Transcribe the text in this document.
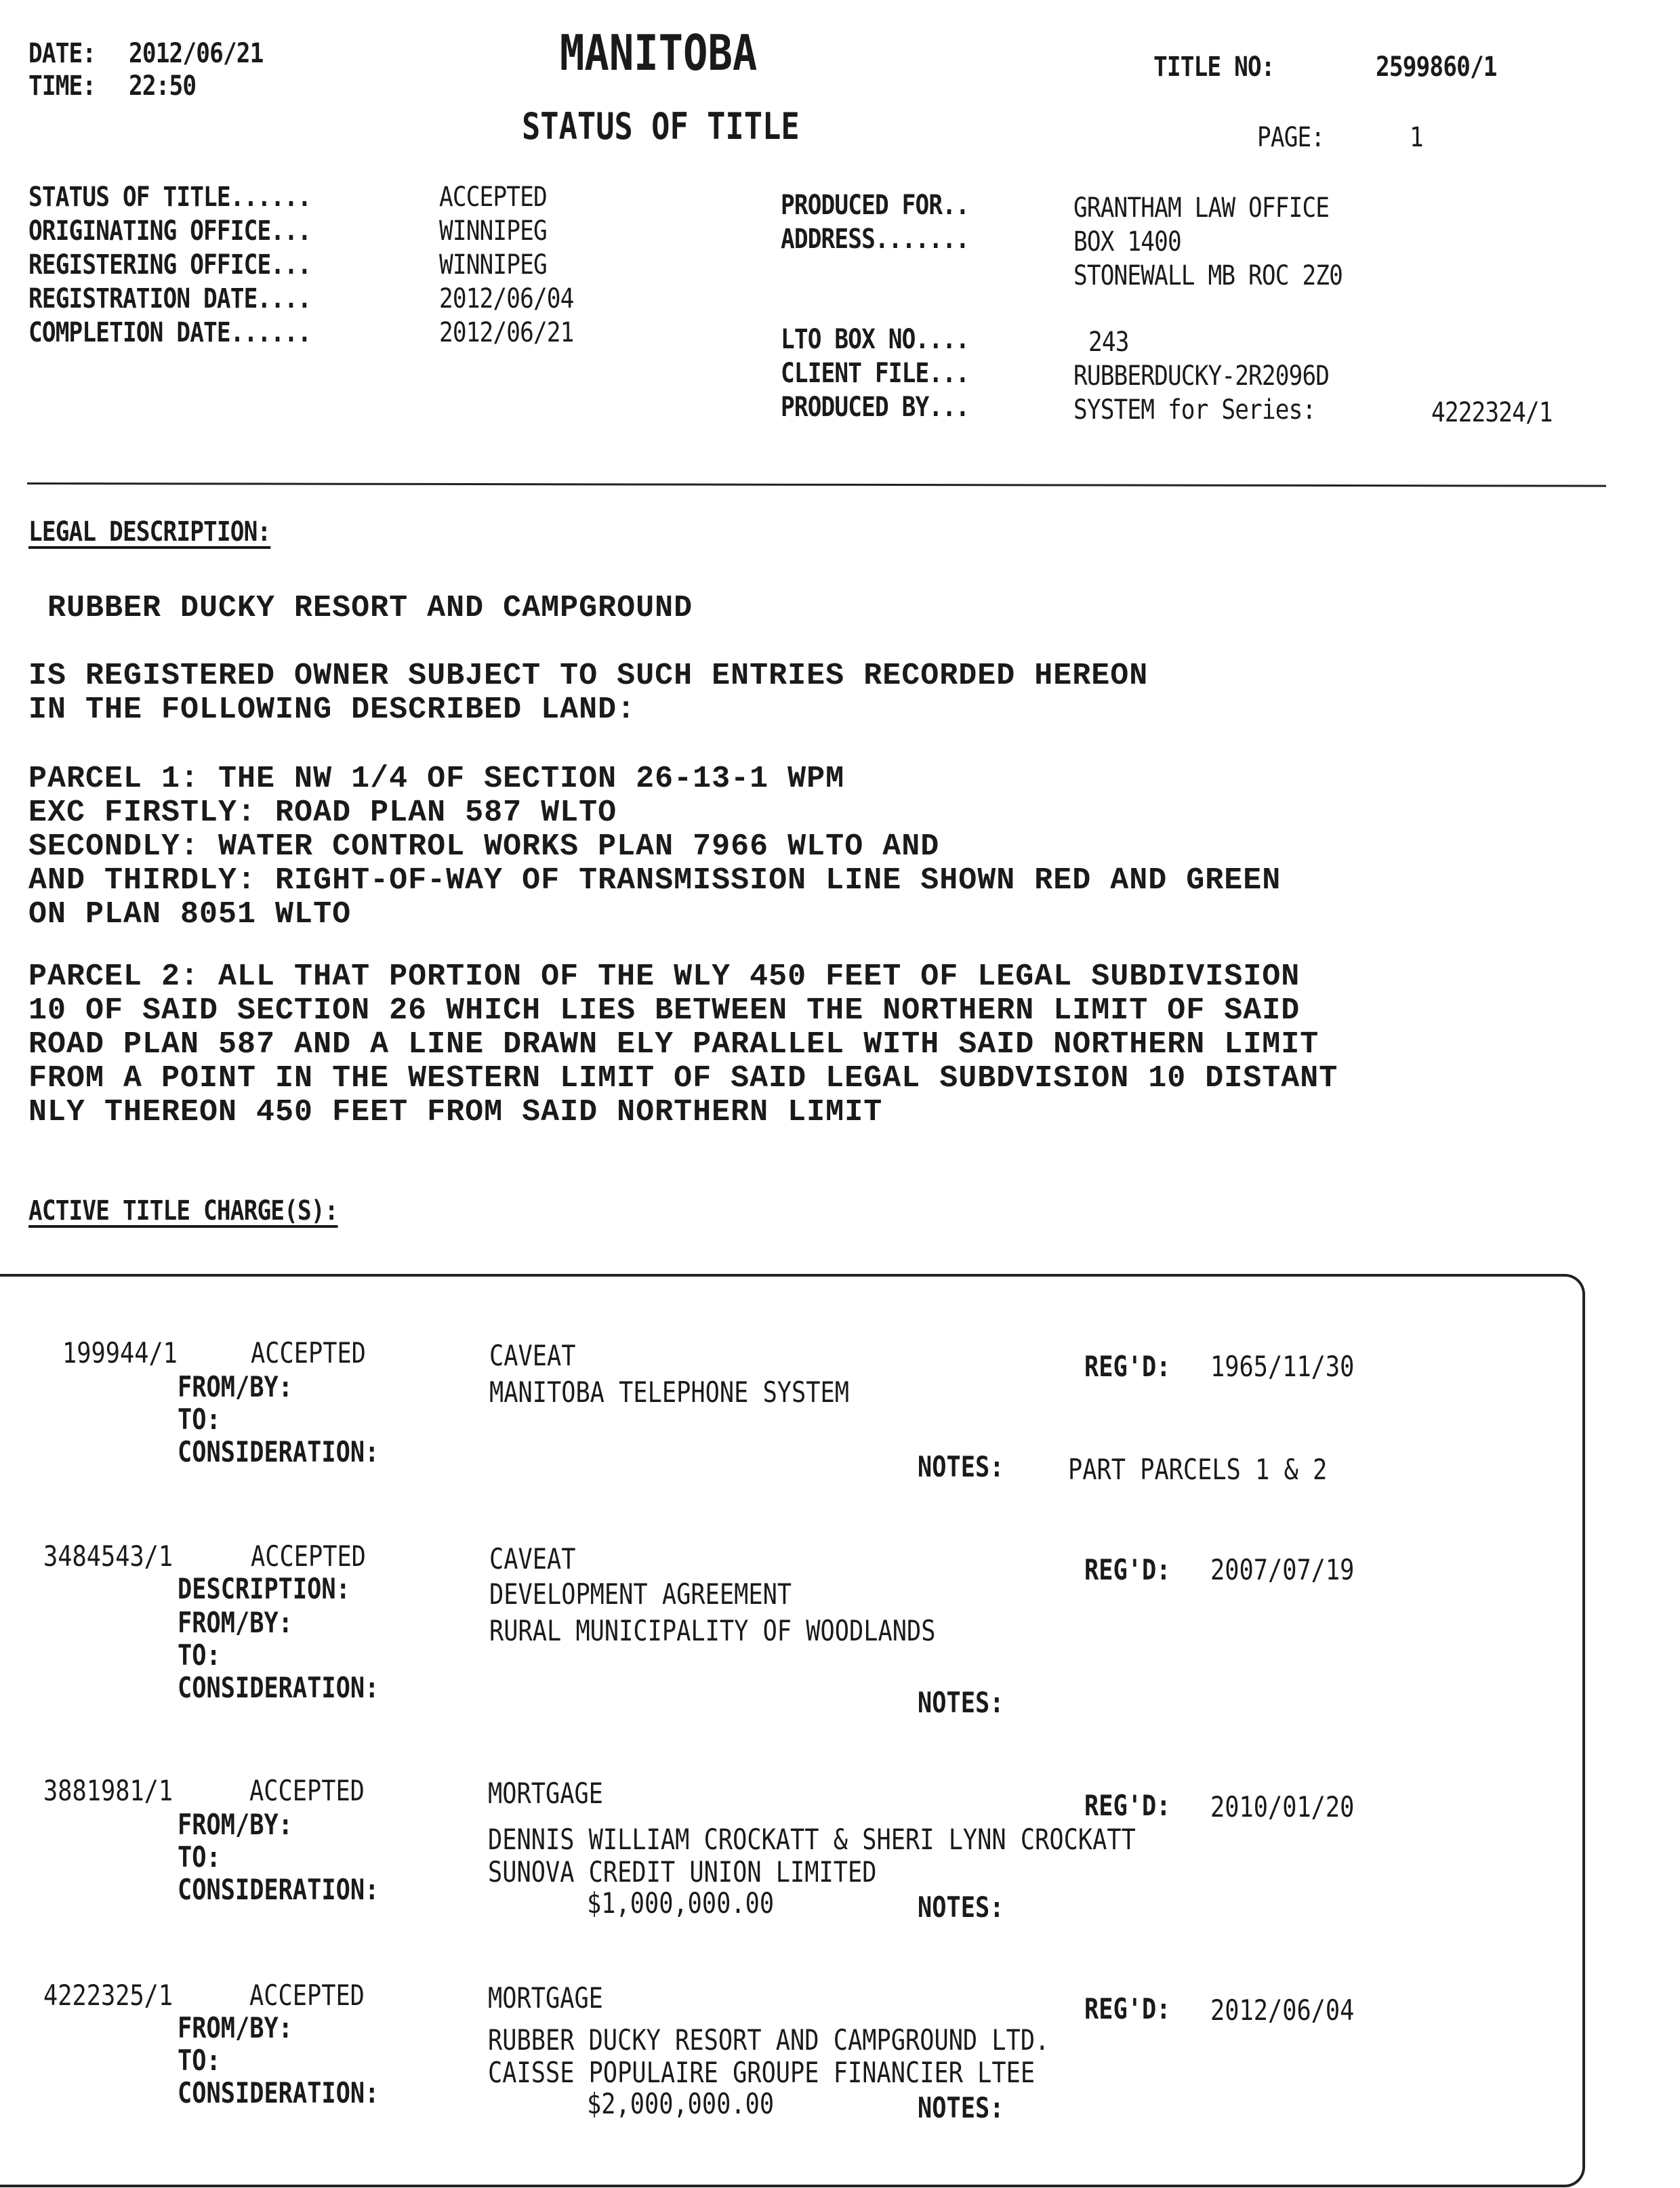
DATE: 2012/06/21
TIME: 22:50
MANITOBA
STATUS OF TITLE
TITLE NO:	2599860/1
PAGE:	1
STATUS OF TITLE......	ACCEPTED
ORIGINATING OFFICE...	WINNIPEG
REGISTERING OFFICE...	WINNIPEG
REGISTRATION DATE....	2012/06/04
COMPLETION DATE......	2012/06/21
PRODUCED FOR..	GRANTHAM LAW OFFICE
ADDRESS.......	BOX 1400
STONEWALL MB ROC 2Z0
LTO BOX NO....	243
CLIENT FILE...	RUBBERDUCKY-2R2096D
PRODUCED BY...	SYSTEM for Series:	4222324/1
LEGAL DESCRIPTION:
RUBBER DUCKY RESORT AND CAMPGROUND
IS REGISTERED OWNER SUBJECT TO SUCH ENTRIES RECORDED HEREON
IN THE FOLLOWING DESCRIBED LAND:
PARCEL 1: THE NW 1/4 OF SECTION 26-13-1 WPM
EXC FIRSTLY: ROAD PLAN 587 WLTO
SECONDLY: WATER CONTROL WORKS PLAN 7966 WLTO AND
AND THIRDLY: RIGHT-OF-WAY OF TRANSMISSION LINE SHOWN RED AND GREEN
ON PLAN 8051 WLTO
PARCEL 2: ALL THAT PORTION OF THE WLY 450 FEET OF LEGAL SUBDIVISION
10 OF SAID SECTION 26 WHICH LIES BETWEEN THE NORTHERN LIMIT OF SAID
ROAD PLAN 587 AND A LINE DRAWN ELY PARALLEL WITH SAID NORTHERN LIMIT
FROM A POINT IN THE WESTERN LIMIT OF SAID LEGAL SUBDVISION 10 DISTANT
NLY THEREON 450 FEET FROM SAID NORTHERN LIMIT
ACTIVE TITLE CHARGE(S):
199944/1	ACCEPTED	CAVEAT	REG'D: 1965/11/30
FROM/BY:	MANITOBA TELEPHONE SYSTEM
TO:
CONSIDERATION:	NOTES: PART PARCELS 1 & 2
3484543/1	ACCEPTED	CAVEAT	REG'D: 2007/07/19
DESCRIPTION:	DEVELOPMENT AGREEMENT
FROM/BY:	RURAL MUNICIPALITY OF WOODLANDS
TO:
CONSIDERATION:	NOTES:
3881981/1	ACCEPTED	MORTGAGE	REG'D: 2010/01/20
FROM/BY:	DENNIS WILLIAM CROCKATT & SHERI LYNN CROCKATT
TO:	SUNOVA CREDIT UNION LIMITED
CONSIDERATION:	$1,000,000.00	NOTES:
4222325/1	ACCEPTED	MORTGAGE	REG'D: 2012/06/04
FROM/BY:	RUBBER DUCKY RESORT AND CAMPGROUND LTD.
TO:	CAISSE POPULAIRE GROUPE FINANCIER LTEE
CONSIDERATION:	$2,000,000.00	NOTES:
